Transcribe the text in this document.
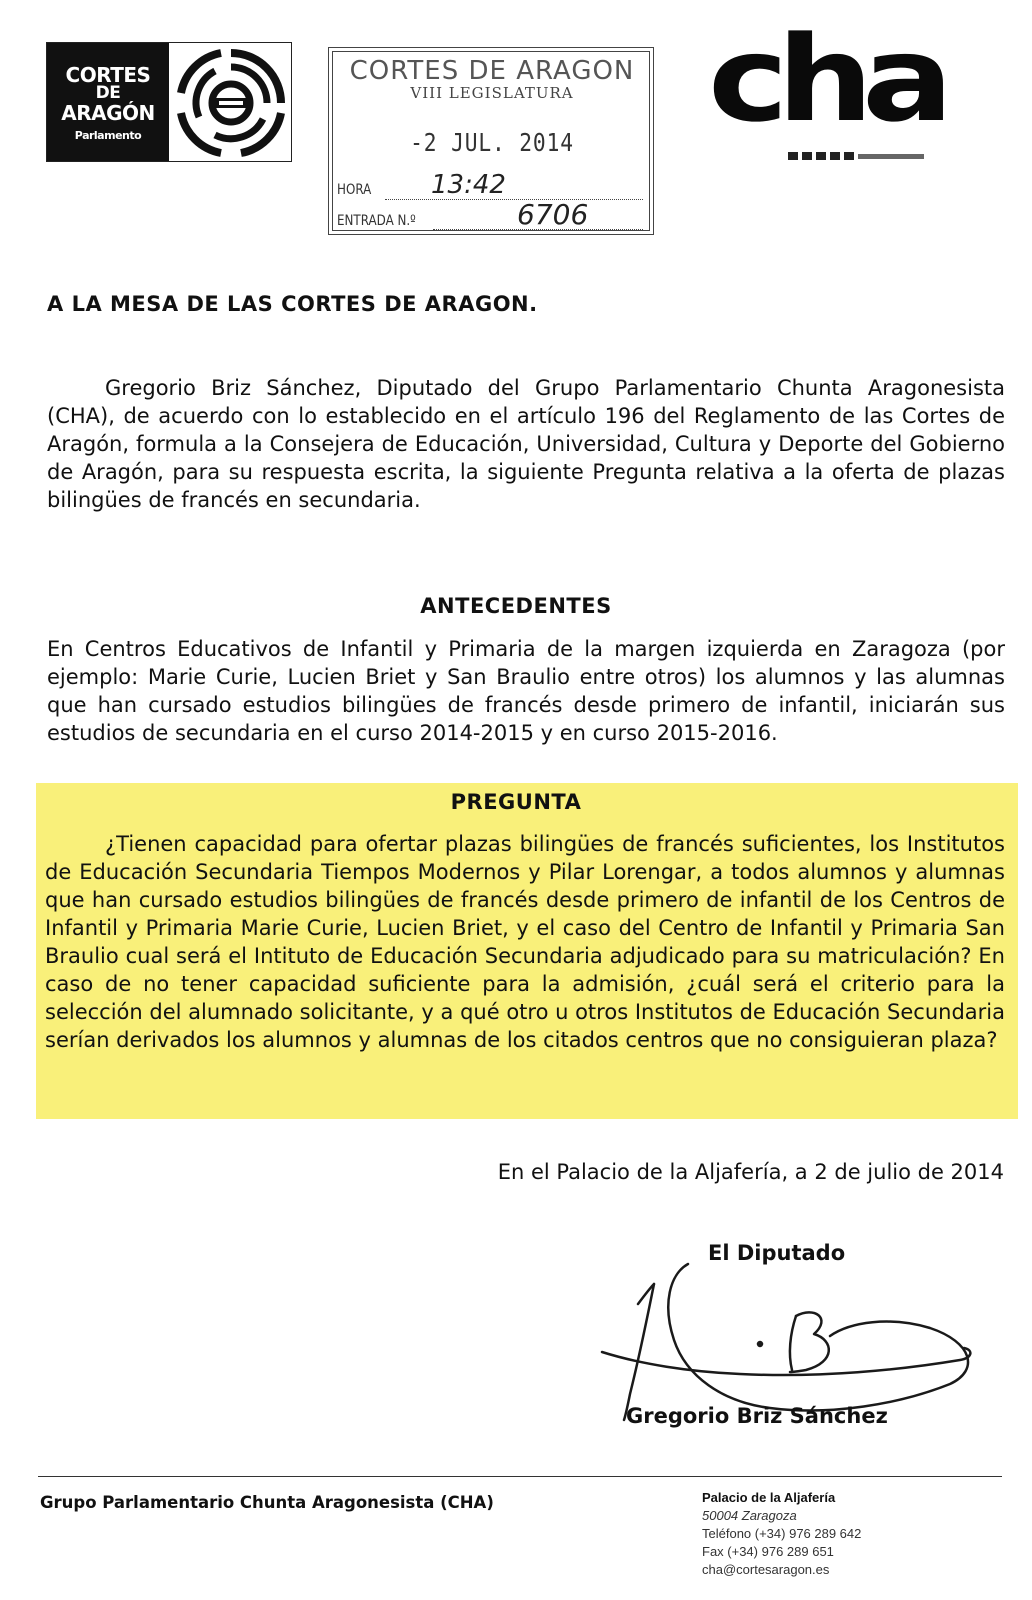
CORTES
DE
ARAGÓN
Parlamento
CORTES DE ARAGON
VIII LEGISLATURA
-2 JUL. 2014
HORA 13:42
ENTRADA N.º	6706
cha
A LA MESA DE LAS CORTES DE ARAGON.
Gregorio Briz Sánchez, Diputado del Grupo Parlamentario Chunta Aragonesista (CHA), de acuerdo con lo establecido en el artículo 196 del Reglamento de las Cortes de Aragón, formula a la Consejera de Educación, Universidad, Cultura y Deporte del Gobierno de Aragón, para su respuesta escrita, la siguiente Pregunta relativa a la oferta de plazas bilingües de francés en secundaria.
ANTECEDENTES
En Centros Educativos de Infantil y Primaria de la margen izquierda en Zaragoza (por ejemplo: Marie Curie, Lucien Briet y San Braulio entre otros) los alumnos y las alumnas que han cursado estudios bilingües de francés desde primero de infantil, iniciarán sus estudios de secundaria en el curso 2014-2015 y en curso 2015-2016.
PREGUNTA
¿Tienen capacidad para ofertar plazas bilingües de francés suficientes, los Institutos de Educación Secundaria Tiempos Modernos y Pilar Lorengar, a todos alumnos y alumnas que han cursado estudios bilingües de francés desde primero de infantil de los Centros de Infantil y Primaria Marie Curie, Lucien Briet, y el caso del Centro de Infantil y Primaria San Braulio cual será el Intituto de Educación Secundaria adjudicado para su matriculación? En caso de no tener capacidad suficiente para la admisión, ¿cuál será el criterio para la selección del alumnado solicitante, y a qué otro u otros Institutos de Educación Secundaria serían derivados los alumnos y alumnas de los citados centros que no consiguieran plaza?
En el Palacio de la Aljafería, a 2 de julio de 2014
El Diputado
Gregorio Briz Sánchez
Grupo Parlamentario Chunta Aragonesista (CHA)	Palacio de la Aljafería
50004 Zaragoza
Teléfono (+34) 976 289 642
Fax (+34) 976 289 651
cha@cortesaragon.es
